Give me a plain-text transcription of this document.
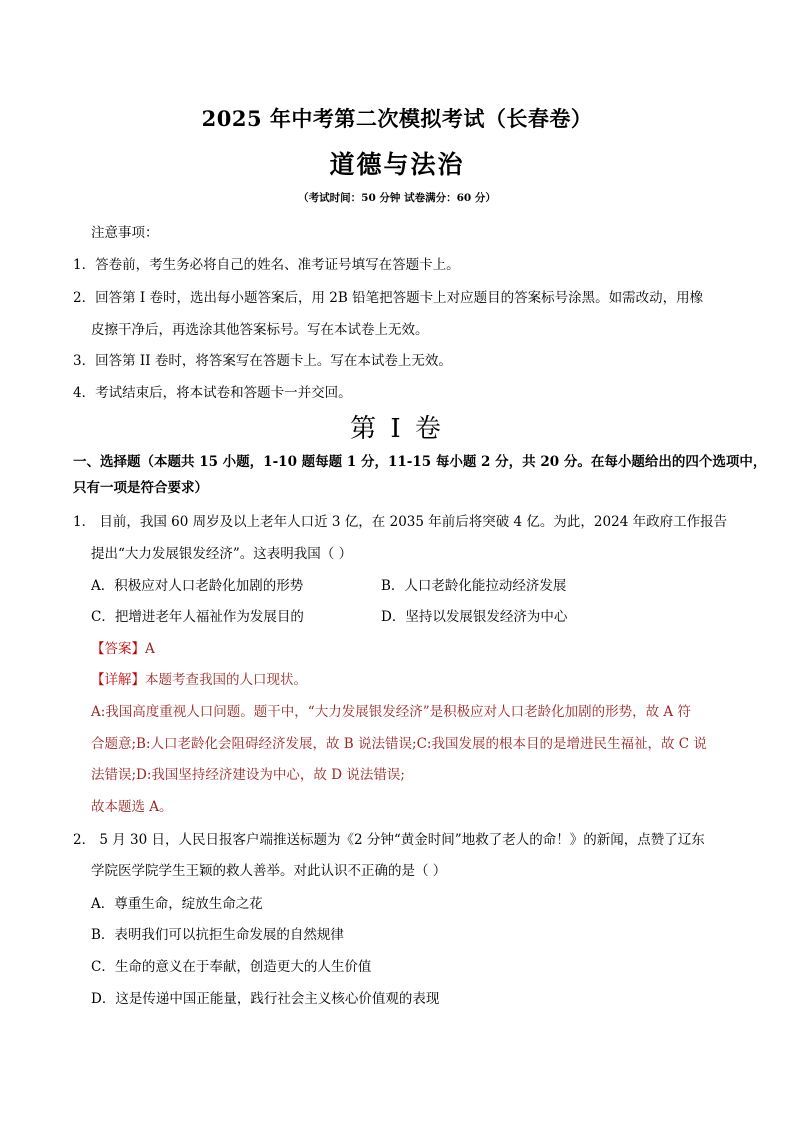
2025 年中考第二次模拟考试（长春卷）
道德与法治
（考试时间：50 分钟 试卷满分：60 分）
注意事项：
1．答卷前，考生务必将自己的姓名、准考证号填写在答题卡上。
2．回答第 I 卷时，选出每小题答案后，用 2B 铅笔把答题卡上对应题目的答案标号涂黑。如需改动，用橡
皮擦干净后，再选涂其他答案标号。写在本试卷上无效。
3．回答第 II 卷时，将答案写在答题卡上。写在本试卷上无效。
4．考试结束后，将本试卷和答题卡一并交回。
第 I 卷
一、选择题（本题共 15 小题，1-10 题每题 1 分，11-15 每小题 2 分，共 20 分。在每小题给出的四个选项中，
只有一项是符合要求）
1． 目前，我国 60 周岁及以上老年人口近 3 亿，在 2035 年前后将突破 4 亿。为此，2024 年政府工作报告
提出“大力发展银发经济”。这表明我国（ ）
A．积极应对人口老龄化加剧的形势	B．人口老龄化能拉动经济发展
C．把增进老年人福祉作为发展目的	D．坚持以发展银发经济为中心
【答案】A
【详解】本题考查我国的人口现状。
A:我国高度重视人口问题。题干中，“大力发展银发经济”是积极应对人口老龄化加剧的形势，故 A 符
合题意;B:人口老龄化会阻碍经济发展，故 B 说法错误;C:我国发展的根本目的是增进民生福祉，故 C 说
法错误;D:我国坚持经济建设为中心，故 D 说法错误;
故本题选 A。
2． 5 月 30 日，人民日报客户端推送标题为《2 分钟“黄金时间”地救了老人的命！》的新闻，点赞了辽东
学院医学院学生王颖的救人善举。对此认识不正确的是（ ）
A．尊重生命，绽放生命之花
B．表明我们可以抗拒生命发展的自然规律
C．生命的意义在于奉献，创造更大的人生价值
D．这是传递中国正能量，践行社会主义核心价值观的表现
